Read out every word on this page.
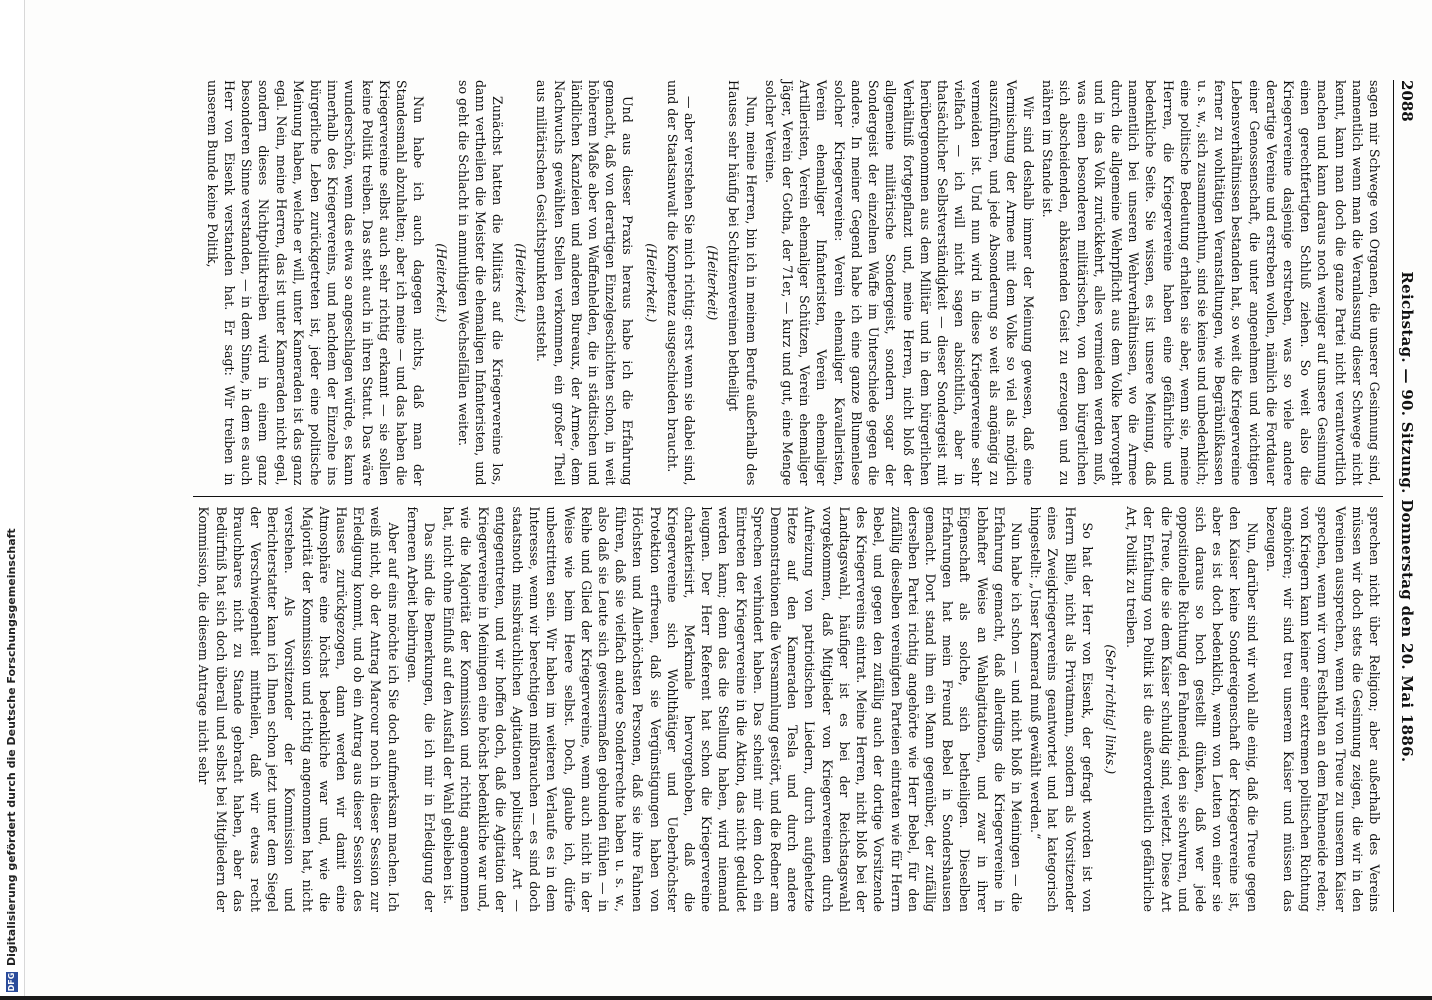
DFG
Digitalisierung gefördert durch die Deutsche Forschungsgemeinschaft
2088
Reichstag. — 90. Sitzung. Donnerstag den 20. Mai 1886.

sagen mir Schwege von Organen, die unserer Gesinnung sind, namentlich wenn man die Veranlassung dieser Schwege nicht kennt, kann man doch die ganze Partei nicht verantwortlich machen und kann daraus noch weniger auf unsere Gesinnung einen gerechtfertigten Schluß ziehen. So weit also die Kriegervereine dasjenige erstreben, was so viele andere derartige Vereine und erstreben wollen, nämlich die Fortdauer einer Genossenschaft, die unter angenehmen und wichtigen Lebensverhältnissen bestanden hat, so weit die Kriegervereine ferner zu wohltätigen Veranstaltungen, wie Begräbnißkassen u. s. w., sich zusammenthun, sind sie keines und unbedenklich; eine politische Bedeutung erhalten sie aber, wenn sie, meine Herren, die Kriegervereine haben eine gefährliche und bedenkliche Seite. Sie wissen, es ist unsere Meinung, daß namentlich bei unseren Wehrverhältnissen, wo die Armee durch die allgemeine Wehrpflicht aus dem Volke hervorgeht und in das Volk zurückkehrt, alles vermieden werden muß, was einen besonderen militärischen, von dem bürgerlichen sich abscheidenden, abkastenden Geist zu erzeugen und zu nähren im Stande ist.

Wir sind deshalb immer der Meinung gewesen, daß eine Vermischung der Armee mit dem Volke so viel als möglich auszuführen, und jede Absonderung so weit als angängig zu vermeiden ist. Und nun wird in diese Kriegervereine sehr vielfach — ich will nicht sagen absichtlich, aber in thatsächlicher Selbstverständigkeit — dieser Sondergeist mit herübergenommen aus dem Militär und in dem bürgerlichen Verhältniß fortgepflanzt und, meine Herren, nicht bloß der allgemeine militärische Sondergeist, sondern sogar der Sondergeist der einzelnen Waffe im Unterschiede gegen die andere. In meiner Gegend habe ich eine ganze Blumenlese solcher Kriegervereine: Verein ehemaliger Kavalleristen, Verein ehemaliger Infanteristen, Verein ehemaliger Artilleristen, Verein ehemaliger Schützen, Verein ehemaliger Jäger, Verein der Gotha, der 71er, — kurz und gut, eine Menge solcher Vereine.

Nun, meine Herren, bin ich in meinem Berufe außerhalb des Hauses sehr häufig bei Schützenvereinen betheiligt

(Heiterkeit)

— aber verstehen Sie mich richtig: erst wenn sie dabei sind, und der Staatsanwalt die Kompetenz ausgeschieden braucht.

(Heiterkeit.)

Und aus dieser Praxis heraus habe ich die Erfahrung gemacht, daß von derartigen Einzelgeschichten schon, in weit höherem Maße aber von Waffenhelden, die in städtischen und ländlichen Kanzleien und anderen Bureaux, der Armee, dem Nachwuchs gewählten Stellen verkommen, ein großer Theil aus militärischen Gesichtspunkten entsteht.

(Heiterkeit.)

Zunächst hatten die Militärs auf die Kriegervereine los, dann vertheilen die Meister die ehemaligen Infanteristen, und so geht die Schlacht in anmuthigen Wechselfällen weiter.

(Heiterkeit.)

Nun habe ich auch dagegen nichts, daß man der Standesmahl abzuhalten; aber ich meine — und das haben die Kriegervereine selbst auch sehr richtig erkannt — sie sollen keine Politik treiben. Das steht auch in ihren Statut. Das wäre wunderschön, wenn das etwa so angeschlagen würde, es kann innerhalb des Kriegervereins, und nachdem der Einzelne ins bürgerliche Leben zurückgetreten ist, jeder eine politische Meinung haben, welche er will, unter Kameraden ist das ganz egal. Nein, meine Herren, das ist unter Kameraden nicht egal, sondern dieses Nichtpolitiktreiben wird in einem ganz besonderen Sinne verstanden, — in dem Sinne, in dem es auch Herr von Eisenk verstanden hat. Er sagt: Wir treiben in unserem Bunde keine Politik,

sprechen nicht über Religion; aber außerhalb des Vereins müssen wir doch stets die Gesinnung zeigen, die wir in den Vereinen aussprechen, wenn wir von Treue zu unserem Kaiser sprechen, wenn wir vom Festhalten an dem Fahneneide reden; von Kriegern kann keiner einer extremen politischen Richtung angehören; wir sind treu unserem Kaiser und müssen das bezeugen.

Nun, darüber sind wir wohl alle einig, daß die Treue gegen den Kaiser keine Sondereigenschaft der Kriegervereine ist, aber es ist doch bedenklich, wenn von Leuten von einer sie sich daraus so hoch gestellt dünken, daß wer jede oppositionelle Richtung den Fahneneid, den sie schwuren, und die Treue, die sie dem Kaiser schuldig sind, verletzt. Diese Art der Entfaltung von Politik ist die außerordentlich gefährliche Art, Politik zu treiben.

(Sehr richtig! links.)

So hat der Herr von Eisenk, der gefragt worden ist von Herrn Bille, nicht als Privatmann, sondern als Vorsitzender eines Zweigkriegervereins geantwortet und hat kategorisch hingestellt: „Unser Kamerad muß gewählt werden.“

Nun habe ich schon — und nicht bloß in Meiningen — die Erfahrung gemacht, daß allerdings die Kriegervereine in lebhafter Weise an Wahlagitationen, und zwar in ihrer Eigenschaft als solche, sich betheiligen. Dieselben Erfahrungen hat mein Freund Bebel in Sondershausen gemacht. Dort stand ihm ein Mann gegenüber, der zufällig derselben Partei richtig angehörte wie Herr Bebel, für den zufällig dieselben vereinigten Parteien eintraten wie für Herrn Bebel, und gegen den zufällig auch der dortige Vorsitzende des Kriegervereins eintrat. Meine Herren, nicht bloß bei der Landtagswahl, häufiger ist es bei der Reichstagswahl vorgekommen, daß Mitglieder von Kriegervereinen durch Aufreizung von patriotischen Liedern, durch aufgehetzte Hetze auf den Kameraden Tesla und durch andere Demonstrationen die Versammlung gestört, und die Redner am Sprechen verhindert haben. Das scheint mir dem doch ein Eintreten der Kriegervereine in die Aktion, das nicht geduldet werden kann; denn das die Stellung haben, wird niemand leugnen. Der Herr Referent hat schon die Kriegervereine charakterisirt, Merkmale hervorgehoben, daß die Kriegervereine sich Wohlthätiger und Ueberhöchster Protektion erfreuen, daß sie Vergünstigungen haben von Höchsten und Allerhöchsten Personen, daß sie ihre Fahnen führen, daß sie vielfach andere Sonderrechte haben u. s. w., also daß sie Leute sich gewissermaßen gebunden fühlen — in Reihe und Glied der Kriegervereine, wenn auch nicht in der Weise wie beim Heere selbst. Doch, glaube ich, dürfe unbestritten sein. Wir haben im weiteren Verlaufe es in dem Interesse, wenn wir berechtigen mißbrauchen — es sind doch staatsnoth missbräuchlichen Agitationen politischer Art — entgegentreten, und wir hoffen doch, daß die Agitation der Kriegervereine in Meiningen eine höchst bedenkliche war und, wie die Majorität der Kommission und richtig angenommen hat, nicht ohne Einfluß auf den Ausfall der Wahl geblieben ist.

Das sind die Bemerkungen, die ich mir in Erledigung der ferneren Arbeit beibringen.

Aber auf eins möchte ich Sie doch aufmerksam machen. Ich weiß nicht, ob der Antrag Marcour noch in dieser Session zur Erledigung kommt, und ob ein Antrag aus dieser Session des Hauses zurückgezogen, dann werden wir damit eine Atmosphäre eine höchst bedenkliche war und, wie die Majorität der Kommission und richtig angenommen hat, nicht verstehen. Als Vorsitzender der Kommission und Berichterstatter kann ich Ihnen schon jetzt unter dem Siegel der Verschwiegenheit mittheilen, daß wir etwas recht Brauchbares nicht zu Stande gebracht haben, aber das Bedürfniß hat sich doch überall und selbst bei Mitgliedern der Kommission, die diesem Antrage nicht sehr
